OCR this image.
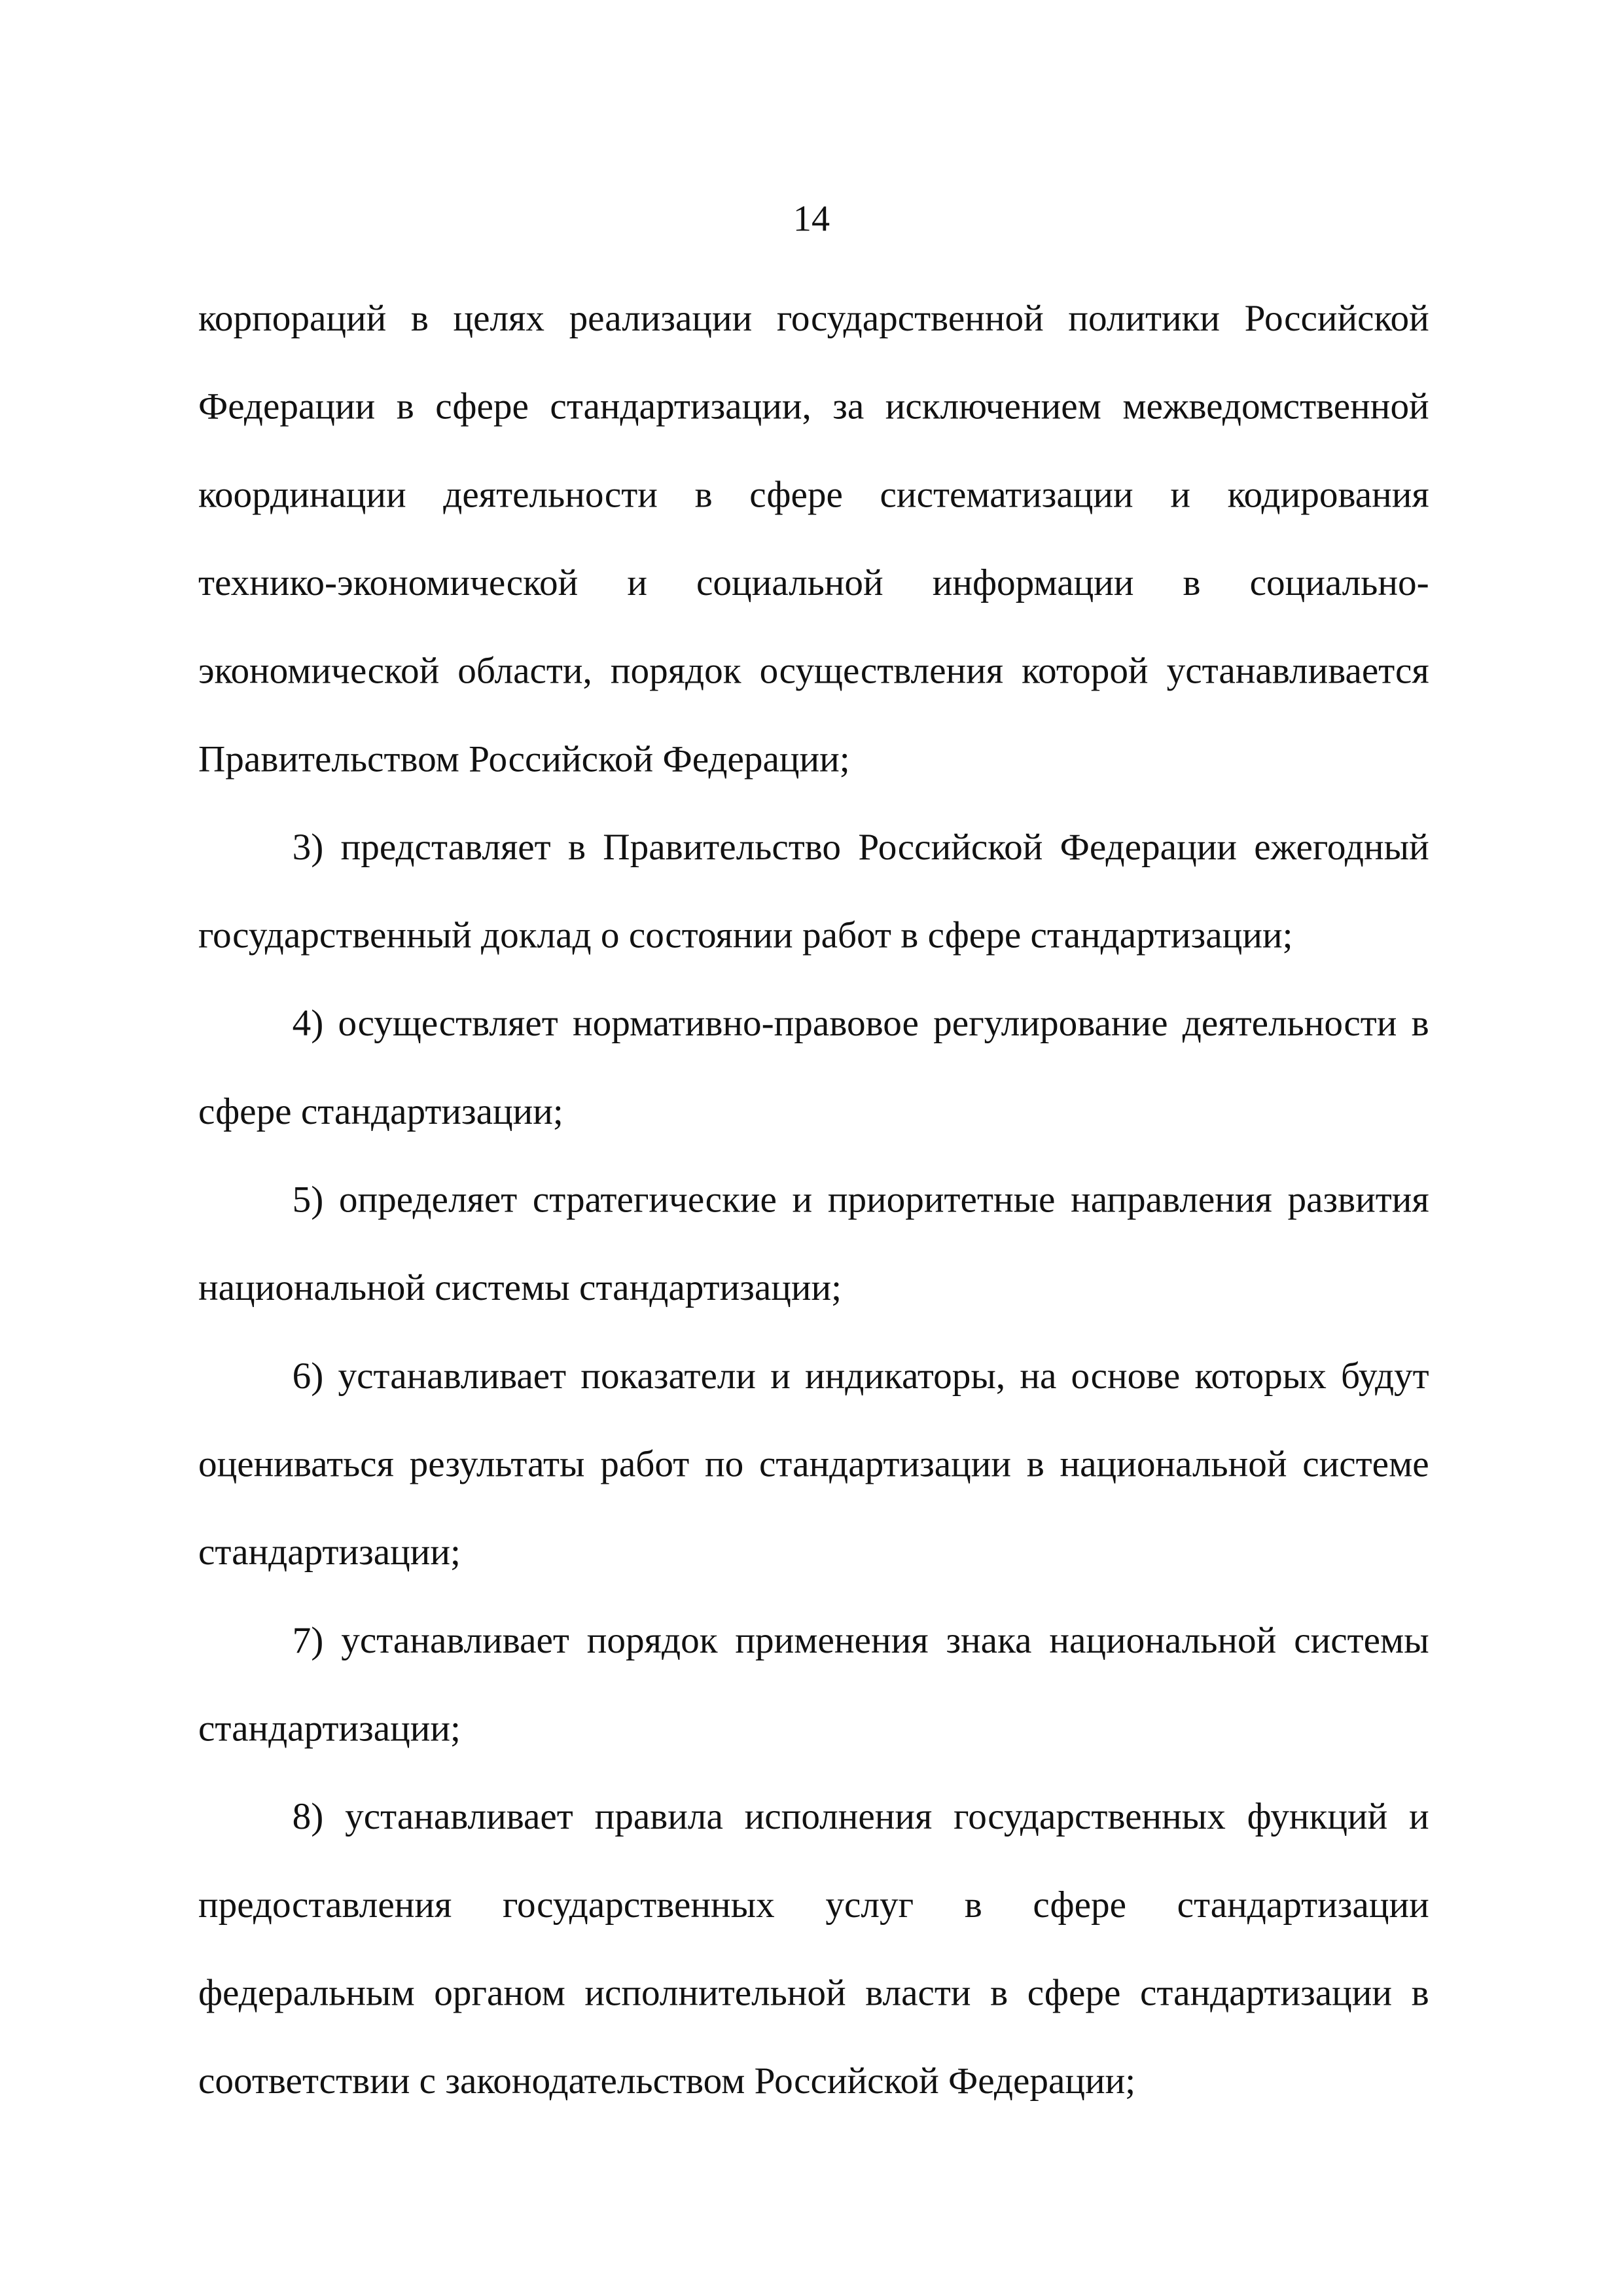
14
корпораций в целях реализации государственной политики Российской
Федерации в сфере стандартизации, за исключением межведомственной
координации деятельности в сфере систематизации и кодирования
технико-экономической и социальной информации в социально-
экономической области, порядок осуществления которой устанавливается
Правительством Российской Федерации;
3) представляет в Правительство Российской Федерации ежегодный
государственный доклад о состоянии работ в сфере стандартизации;
4) осуществляет нормативно-правовое регулирование деятельности в
сфере стандартизации;
5) определяет стратегические и приоритетные направления развития
национальной системы стандартизации;
6) устанавливает показатели и индикаторы, на основе которых будут
оцениваться результаты работ по стандартизации в национальной системе
стандартизации;
7) устанавливает порядок применения знака национальной системы
стандартизации;
8) устанавливает правила исполнения государственных функций и
предоставления государственных услуг в сфере стандартизации
федеральным органом исполнительной власти в сфере стандартизации в
соответствии с законодательством Российской Федерации;
